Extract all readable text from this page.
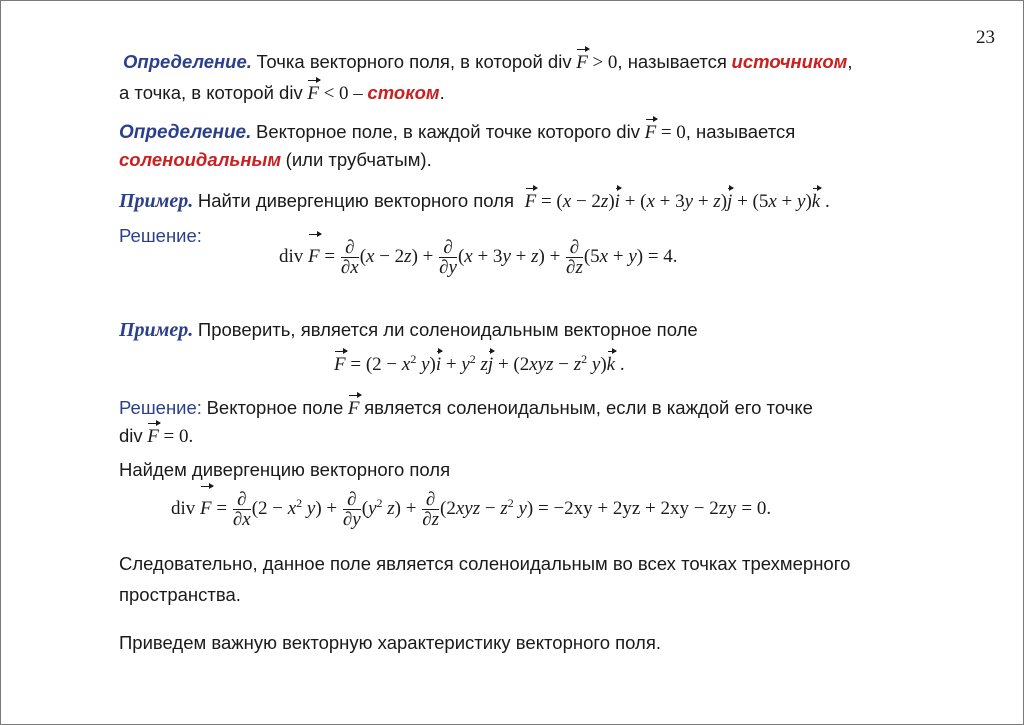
23
Определение. Точка векторного поля, в которой div F > 0, называется источником,
а точка, в которой div F < 0 – стоком.
Определение. Векторное поле, в каждой точке которого div F = 0, называется
соленоидальным (или трубчатым).
Пример. Найти дивергенцию векторного поля F = (x − 2z)i + (x + 3y + z)j + (5x + y)k .
Решение:
div $F = \frac{\partial}{\partial x} (x - 2z) + \frac{\partial}{\partial y} (x + 3y + z) + \frac{\partial}{\partial z} (5x + y) = 4$.
Пример. Проверить, является ли соленоидальным векторное поле
$F = (2 - x^2$ $y)i + y^2$ zj + ($2xyz - z^2$ y)k .
Решение: Векторное поле F является соленоидальным, если в каждой его точке
div F = 0.
Найдем дивергенцию векторного поля
div $F = \frac{\partial}{\partial x} (2 - x^2$ $y) + \frac{\partial}{\partial y} (y^2$ $z) + \frac{\partial}{\partial z} (2xyz - z^2$ y) = −2xy + 2yz + 2xy − 2zy = 0.
Следовательно, данное поле является соленоидальным во всех точках трехмерного
пространства.
Приведем важную векторную характеристику векторного поля.
